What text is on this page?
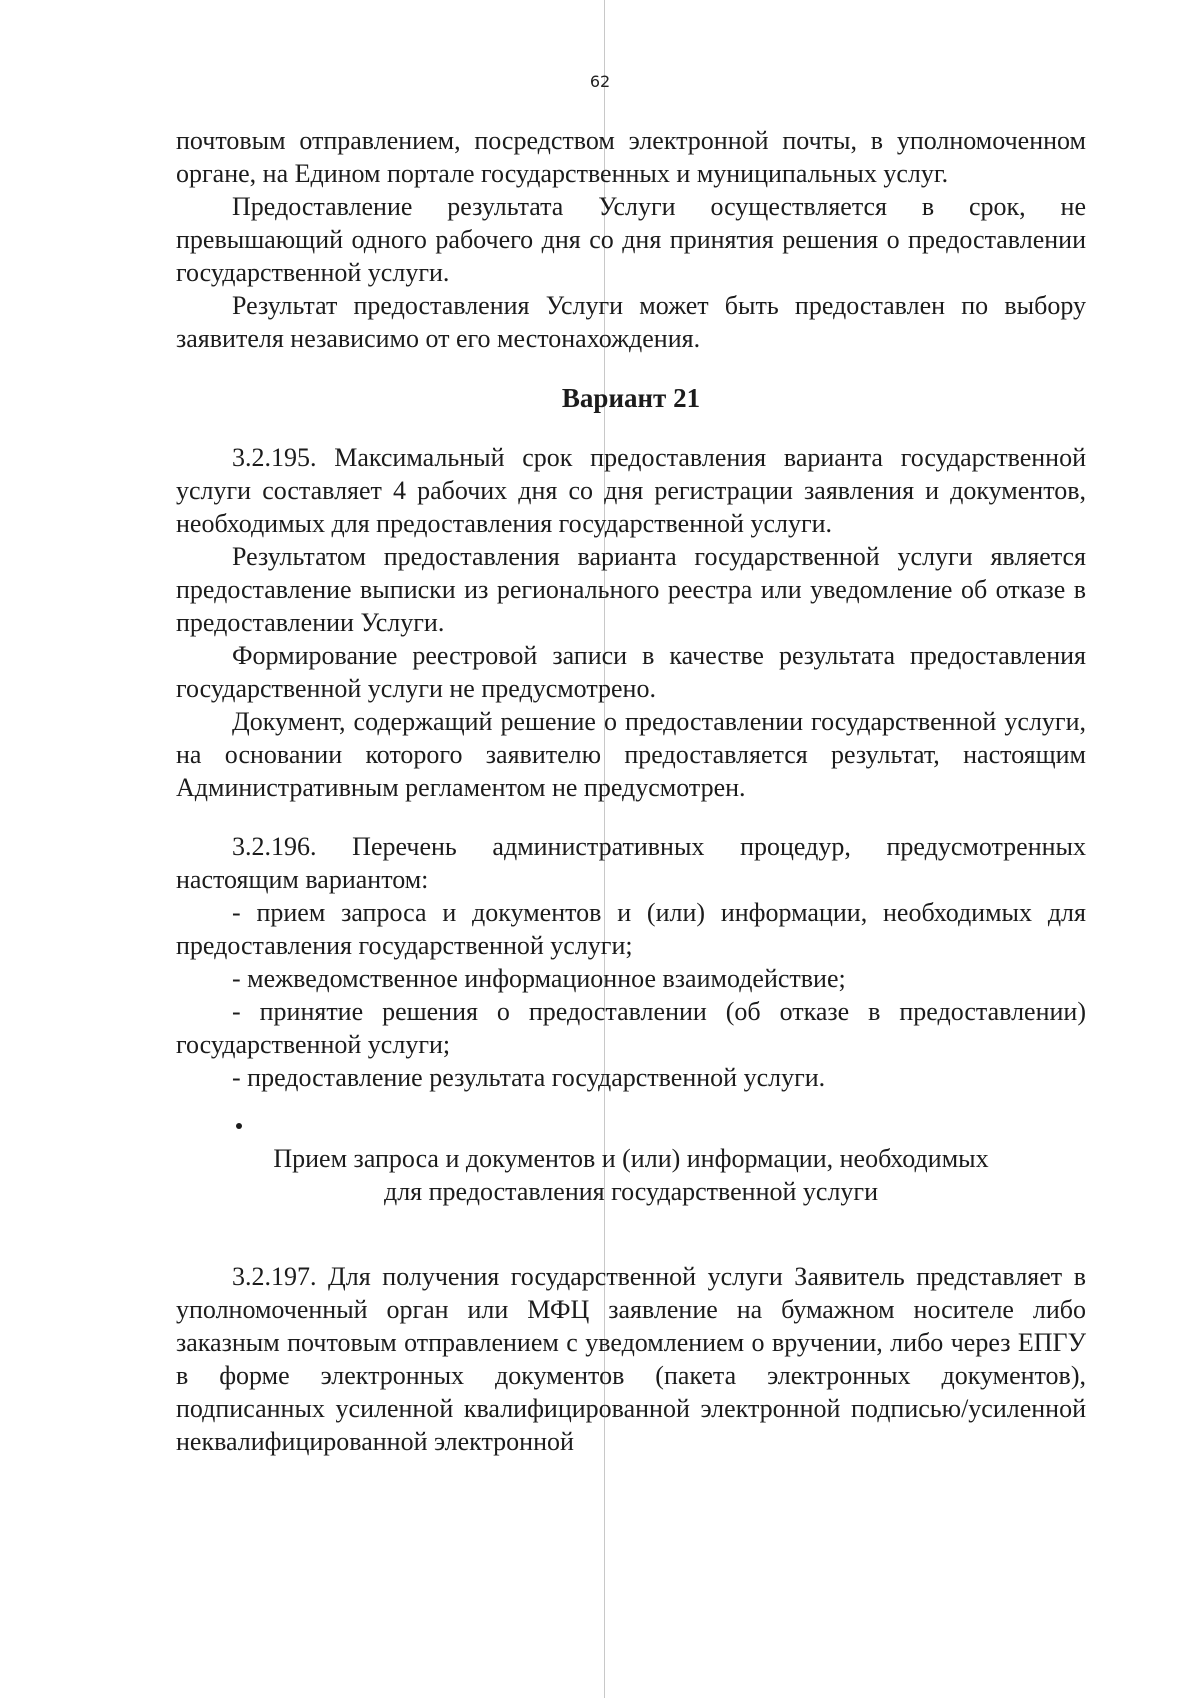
62

почтовым отправлением, посредством электронной почты, в уполномоченном органе, на Едином портале государственных и муниципальных услуг.

Предоставление результата Услуги осуществляется в срок, не превышающий одного рабочего дня со дня принятия решения о предоставлении государственной услуги.

Результат предоставления Услуги может быть предоставлен по выбору заявителя независимо от его местонахождения.

Вариант 21

3.2.195. Максимальный срок предоставления варианта государственной услуги составляет 4 рабочих дня со дня регистрации заявления и документов, необходимых для предоставления государственной услуги.

Результатом предоставления варианта государственной услуги является предоставление выписки из регионального реестра или уведомление об отказе в предоставлении Услуги.

Формирование реестровой записи в качестве результата предоставления государственной услуги не предусмотрено.

Документ, содержащий решение о предоставлении государственной услуги, на основании которого заявителю предоставляется результат, настоящим Административным регламентом не предусмотрен.

3.2.196. Перечень административных процедур, предусмотренных настоящим вариантом:

- прием запроса и документов и (или) информации, необходимых для предоставления государственной услуги;

- межведомственное информационное взаимодействие;

- принятие решения о предоставлении (об отказе в предоставлении) государственной услуги;

- предоставление результата государственной услуги.

Прием запроса и документов и (или) информации, необходимых

для предоставления государственной услуги

3.2.197. Для получения государственной услуги Заявитель представляет в уполномоченный орган или МФЦ заявление на бумажном носителе либо заказным почтовым отправлением с уведомлением о вручении, либо через ЕПГУ в форме электронных документов (пакета электронных документов), подписанных усиленной квалифицированной электронной подписью/усиленной неквалифицированной электронной
